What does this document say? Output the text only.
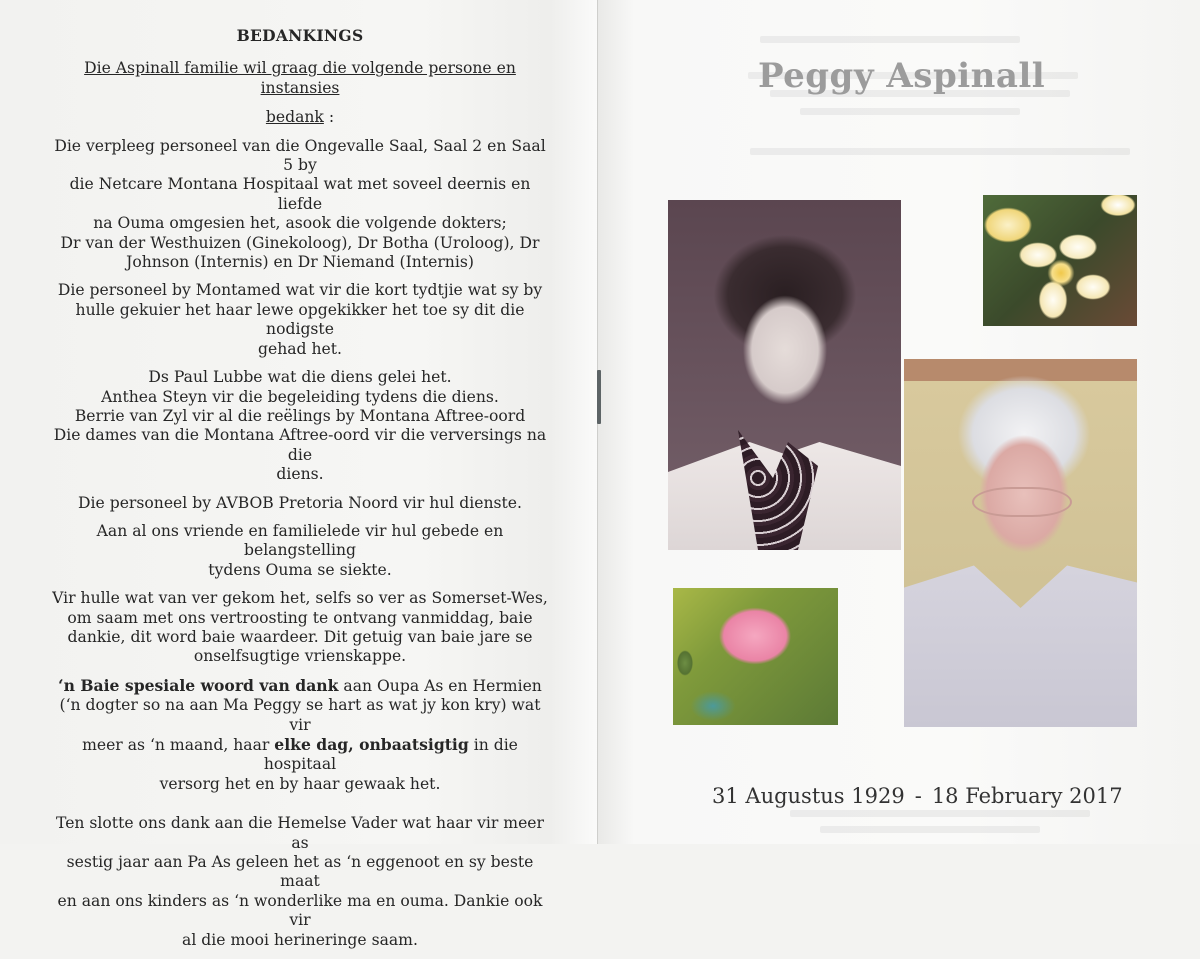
BEDANKINGS
Die Aspinall familie wil graag die volgende persone en instansies
bedank :
Die verpleeg personeel van die Ongevalle Saal, Saal 2 en Saal 5 by
die Netcare Montana Hospitaal wat met soveel deernis en liefde
na Ouma omgesien het, asook die volgende dokters;
Dr van der Westhuizen (Ginekoloog), Dr Botha (Uroloog), Dr
Johnson (Internis) en Dr Niemand (Internis)
Die personeel by Montamed wat vir die kort tydtjie wat sy by
hulle gekuier het haar lewe opgekikker het toe sy dit die nodigste
gehad het.
Ds Paul Lubbe wat die diens gelei het.
Anthea Steyn vir die begeleiding tydens die diens.
Berrie van Zyl vir al die reëlings by Montana Aftree-oord
Die dames van die Montana Aftree-oord vir die verversings na die
diens.
Die personeel by AVBOB Pretoria Noord vir hul dienste.
Aan al ons vriende en familielede vir hul gebede en belangstelling
tydens Ouma se siekte.
Vir hulle wat van ver gekom het, selfs so ver as Somerset-Wes,
om saam met ons vertroosting te ontvang vanmiddag, baie
dankie, dit word baie waardeer. Dit getuig van baie jare se
onselfsugtige vrienskappe.
‘n Baie spesiale woord van dank aan Oupa As en Hermien
(‘n dogter so na aan Ma Peggy se hart as wat jy kon kry) wat vir
meer as ‘n maand, haar elke dag, onbaatsigtig in die hospitaal
versorg het en by haar gewaak het.
Ten slotte ons dank aan die Hemelse Vader wat haar vir meer as
sestig jaar aan Pa As geleen het as ‘n eggenoot en sy beste maat
en aan ons kinders as ‘n wonderlike ma en ouma. Dankie ook vir
al die mooi herineringe saam.
Peggy Aspinall
31 Augustus 1929 - 18 February 2017
